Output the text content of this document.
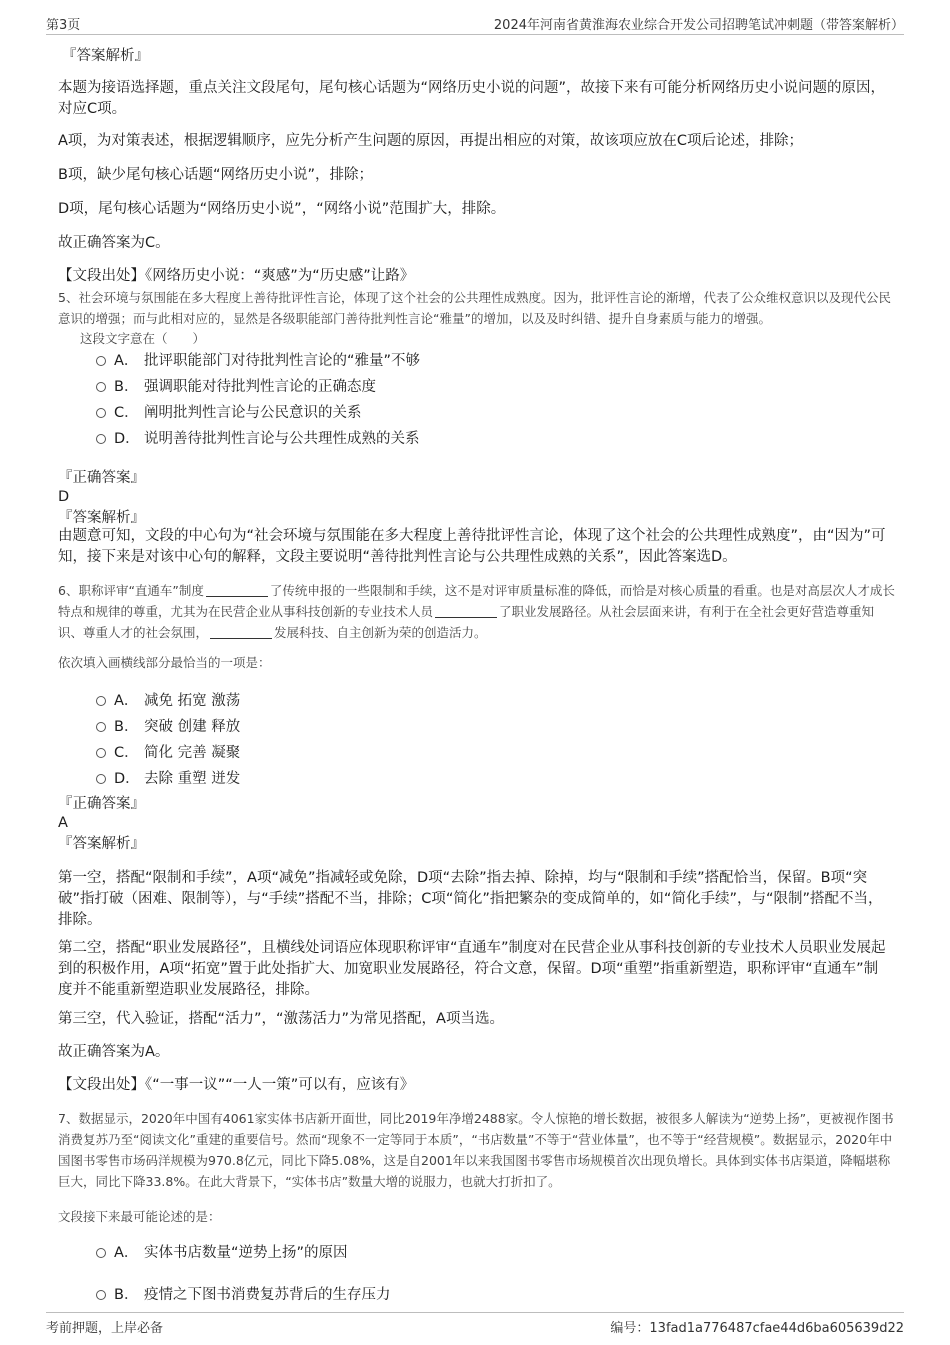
第3页	2024年河南省黄淮海农业综合开发公司招聘笔试冲刺题（带答案解析）
『答案解析』
本题为接语选择题，重点关注文段尾句，尾句核心话题为“网络历史小说的问题”，故接下来有可能分析网络历史小说问题的原因，对应C项。
A项，为对策表述，根据逻辑顺序，应先分析产生问题的原因，再提出相应的对策，故该项应放在C项后论述，排除；
B项，缺少尾句核心话题“网络历史小说”，排除；
D项，尾句核心话题为“网络历史小说”，“网络小说”范围扩大，排除。
故正确答案为C。
【文段出处】《网络历史小说：“爽感”为“历史感”让路》
5、社会环境与氛围能在多大程度上善待批评性言论，体现了这个社会的公共理性成熟度。因为，批评性言论的渐增，代表了公众维权意识以及现代公民意识的增强；而与此相对应的，显然是各级职能部门善待批判性言论“雅量”的增加，以及及时纠错、提升自身素质与能力的增强。
这段文字意在（　　）
A． 批评职能部门对待批判性言论的“雅量”不够
B． 强调职能对待批判性言论的正确态度
C． 阐明批判性言论与公民意识的关系
D． 说明善待批判性言论与公共理性成熟的关系
『正确答案』
D
『答案解析』
由题意可知，文段的中心句为“社会环境与氛围能在多大程度上善待批评性言论，体现了这个社会的公共理性成熟度”，由“因为”可知，接下来是对该中心句的解释，文段主要说明“善待批判性言论与公共理性成熟的关系”，因此答案选D。
6、职称评审“直通车”制度	了传统申报的一些限制和手续，这不是对评审质量标准的降低，而恰是对核心质量的看重。也是对高层次人才成长特点和规律的尊重，尤其为在民营企业从事科技创新的专业技术人员	了职业发展路径。从社会层面来讲，有利于在全社会更好营造尊重知识、尊重人才的社会氛围，	发展科技、自主创新为荣的创造活力。
依次填入画横线部分最恰当的一项是：
A． 减免 拓宽 激荡
B． 突破 创建 释放
C． 简化 完善 凝聚
D． 去除 重塑 迸发
『正确答案』
A
『答案解析』
第一空，搭配“限制和手续”，A项“减免”指减轻或免除，D项“去除”指去掉、除掉，均与“限制和手续”搭配恰当，保留。B项“突破”指打破（困难、限制等），与“手续”搭配不当，排除；C项“简化”指把繁杂的变成简单的，如“简化手续”，与“限制”搭配不当，排除。
第二空，搭配“职业发展路径”，且横线处词语应体现职称评审“直通车”制度对在民营企业从事科技创新的专业技术人员职业发展起到的积极作用，A项“拓宽”置于此处指扩大、加宽职业发展路径，符合文意，保留。D项“重塑”指重新塑造，职称评审“直通车”制度并不能重新塑造职业发展路径，排除。
第三空，代入验证，搭配“活力”，“激荡活力”为常见搭配，A项当选。
故正确答案为A。
【文段出处】《“一事一议”“一人一策”可以有，应该有》
7、数据显示，2020年中国有4061家实体书店新开面世，同比2019年净增2488家。令人惊艳的增长数据，被很多人解读为“逆势上扬”，更被视作图书消费复苏乃至“阅读文化”重建的重要信号。然而“现象不一定等同于本质”，“书店数量”不等于“营业体量”，也不等于“经营规模”。数据显示，2020年中国图书零售市场码洋规模为970.8亿元，同比下降5.08%，这是自2001年以来我国图书零售市场规模首次出现负增长。具体到实体书店渠道，降幅堪称巨大，同比下降33.8%。在此大背景下，“实体书店”数量大增的说服力，也就大打折扣了。
文段接下来最可能论述的是：
A． 实体书店数量“逆势上扬”的原因
B． 疫情之下图书消费复苏背后的生存压力
考前押题，上岸必备	编号：13fad1a776487cfae44d6ba605639d22
